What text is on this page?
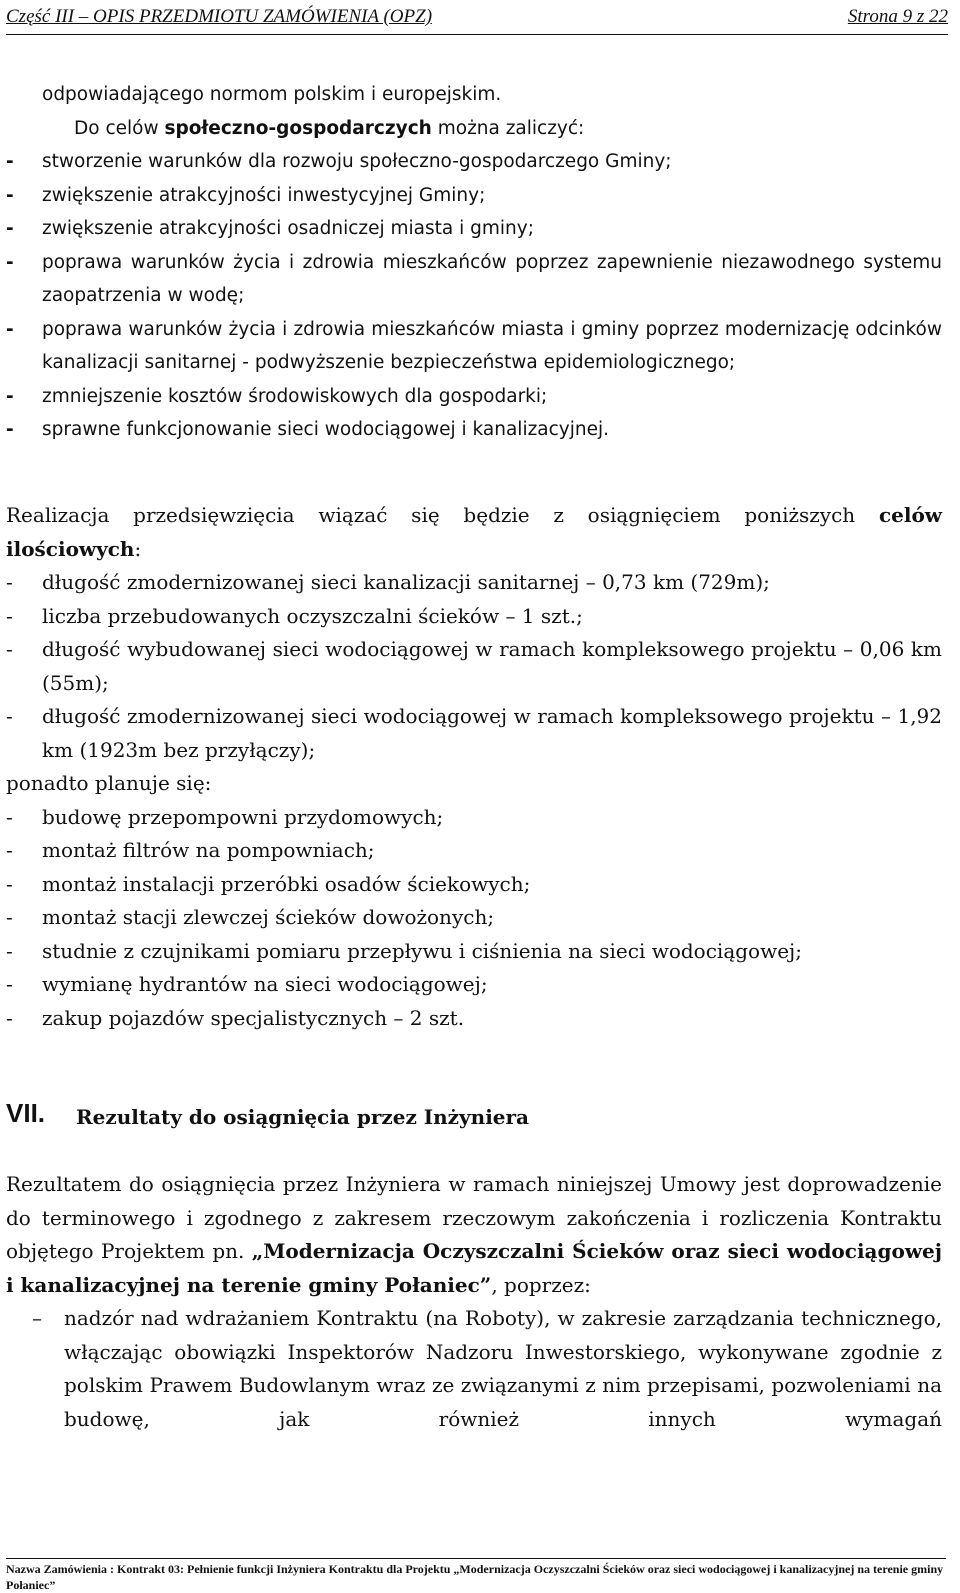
Część III – OPIS PRZEDMIOTU ZAMÓWIENIA (OPZ)	Strona 9 z 22

odpowiadającego normom polskim i europejskim.

Do celów społeczno-gospodarczych można zaliczyć:

- stworzenie warunków dla rozwoju społeczno-gospodarczego Gminy;
- zwiększenie atrakcyjności inwestycyjnej Gminy;
- zwiększenie atrakcyjności osadniczej miasta i gminy;
- poprawa warunków życia i zdrowia mieszkańców poprzez zapewnienie niezawodnego systemu zaopatrzenia w wodę;
- poprawa warunków życia i zdrowia mieszkańców miasta i gminy poprzez modernizację odcinków kanalizacji sanitarnej - podwyższenie bezpieczeństwa epidemiologicznego;
- zmniejszenie kosztów środowiskowych dla gospodarki;
- sprawne funkcjonowanie sieci wodociągowej i kanalizacyjnej.

Realizacja przedsięwzięcia wiązać się będzie z osiągnięciem poniższych celów ilościowych:

- długość zmodernizowanej sieci kanalizacji sanitarnej – 0,73 km (729m);
- liczba przebudowanych oczyszczalni ścieków – 1 szt.;
- długość wybudowanej sieci wodociągowej w ramach kompleksowego projektu – 0,06 km (55m);
- długość zmodernizowanej sieci wodociągowej w ramach kompleksowego projektu – 1,92 km (1923m bez przyłączy);

ponadto planuje się:

- budowę przepompowni przydomowych;
- montaż filtrów na pompowniach;
- montaż instalacji przeróbki osadów ściekowych;
- montaż stacji zlewczej ścieków dowożonych;
- studnie z czujnikami pomiaru przepływu i ciśnienia na sieci wodociągowej;
- wymianę hydrantów na sieci wodociągowej;
- zakup pojazdów specjalistycznych – 2 szt.
VII. Rezultaty do osiągnięcia przez Inżyniera

Rezultatem do osiągnięcia przez Inżyniera w ramach niniejszej Umowy jest doprowadzenie do terminowego i zgodnego z zakresem rzeczowym zakończenia i rozliczenia Kontraktu objętego Projektem pn. „Modernizacja Oczyszczalni Ścieków oraz sieci wodociągowej i kanalizacyjnej na terenie gminy Połaniec”, poprzez:

– nadzór nad wdrażaniem Kontraktu (na Roboty), w zakresie zarządzania technicznego, włączając obowiązki Inspektorów Nadzoru Inwestorskiego, wykonywane zgodnie z polskim Prawem Budowlanym wraz ze związanymi z nim przepisami, pozwoleniami na budowę, jak również innych wymagań
Nazwa Zamówienia : Kontrakt 03: Pełnienie funkcji Inżyniera Kontraktu dla Projektu „Modernizacja Oczyszczalni Ścieków oraz sieci wodociągowej i kanalizacyjnej na terenie gminy Połaniec”
